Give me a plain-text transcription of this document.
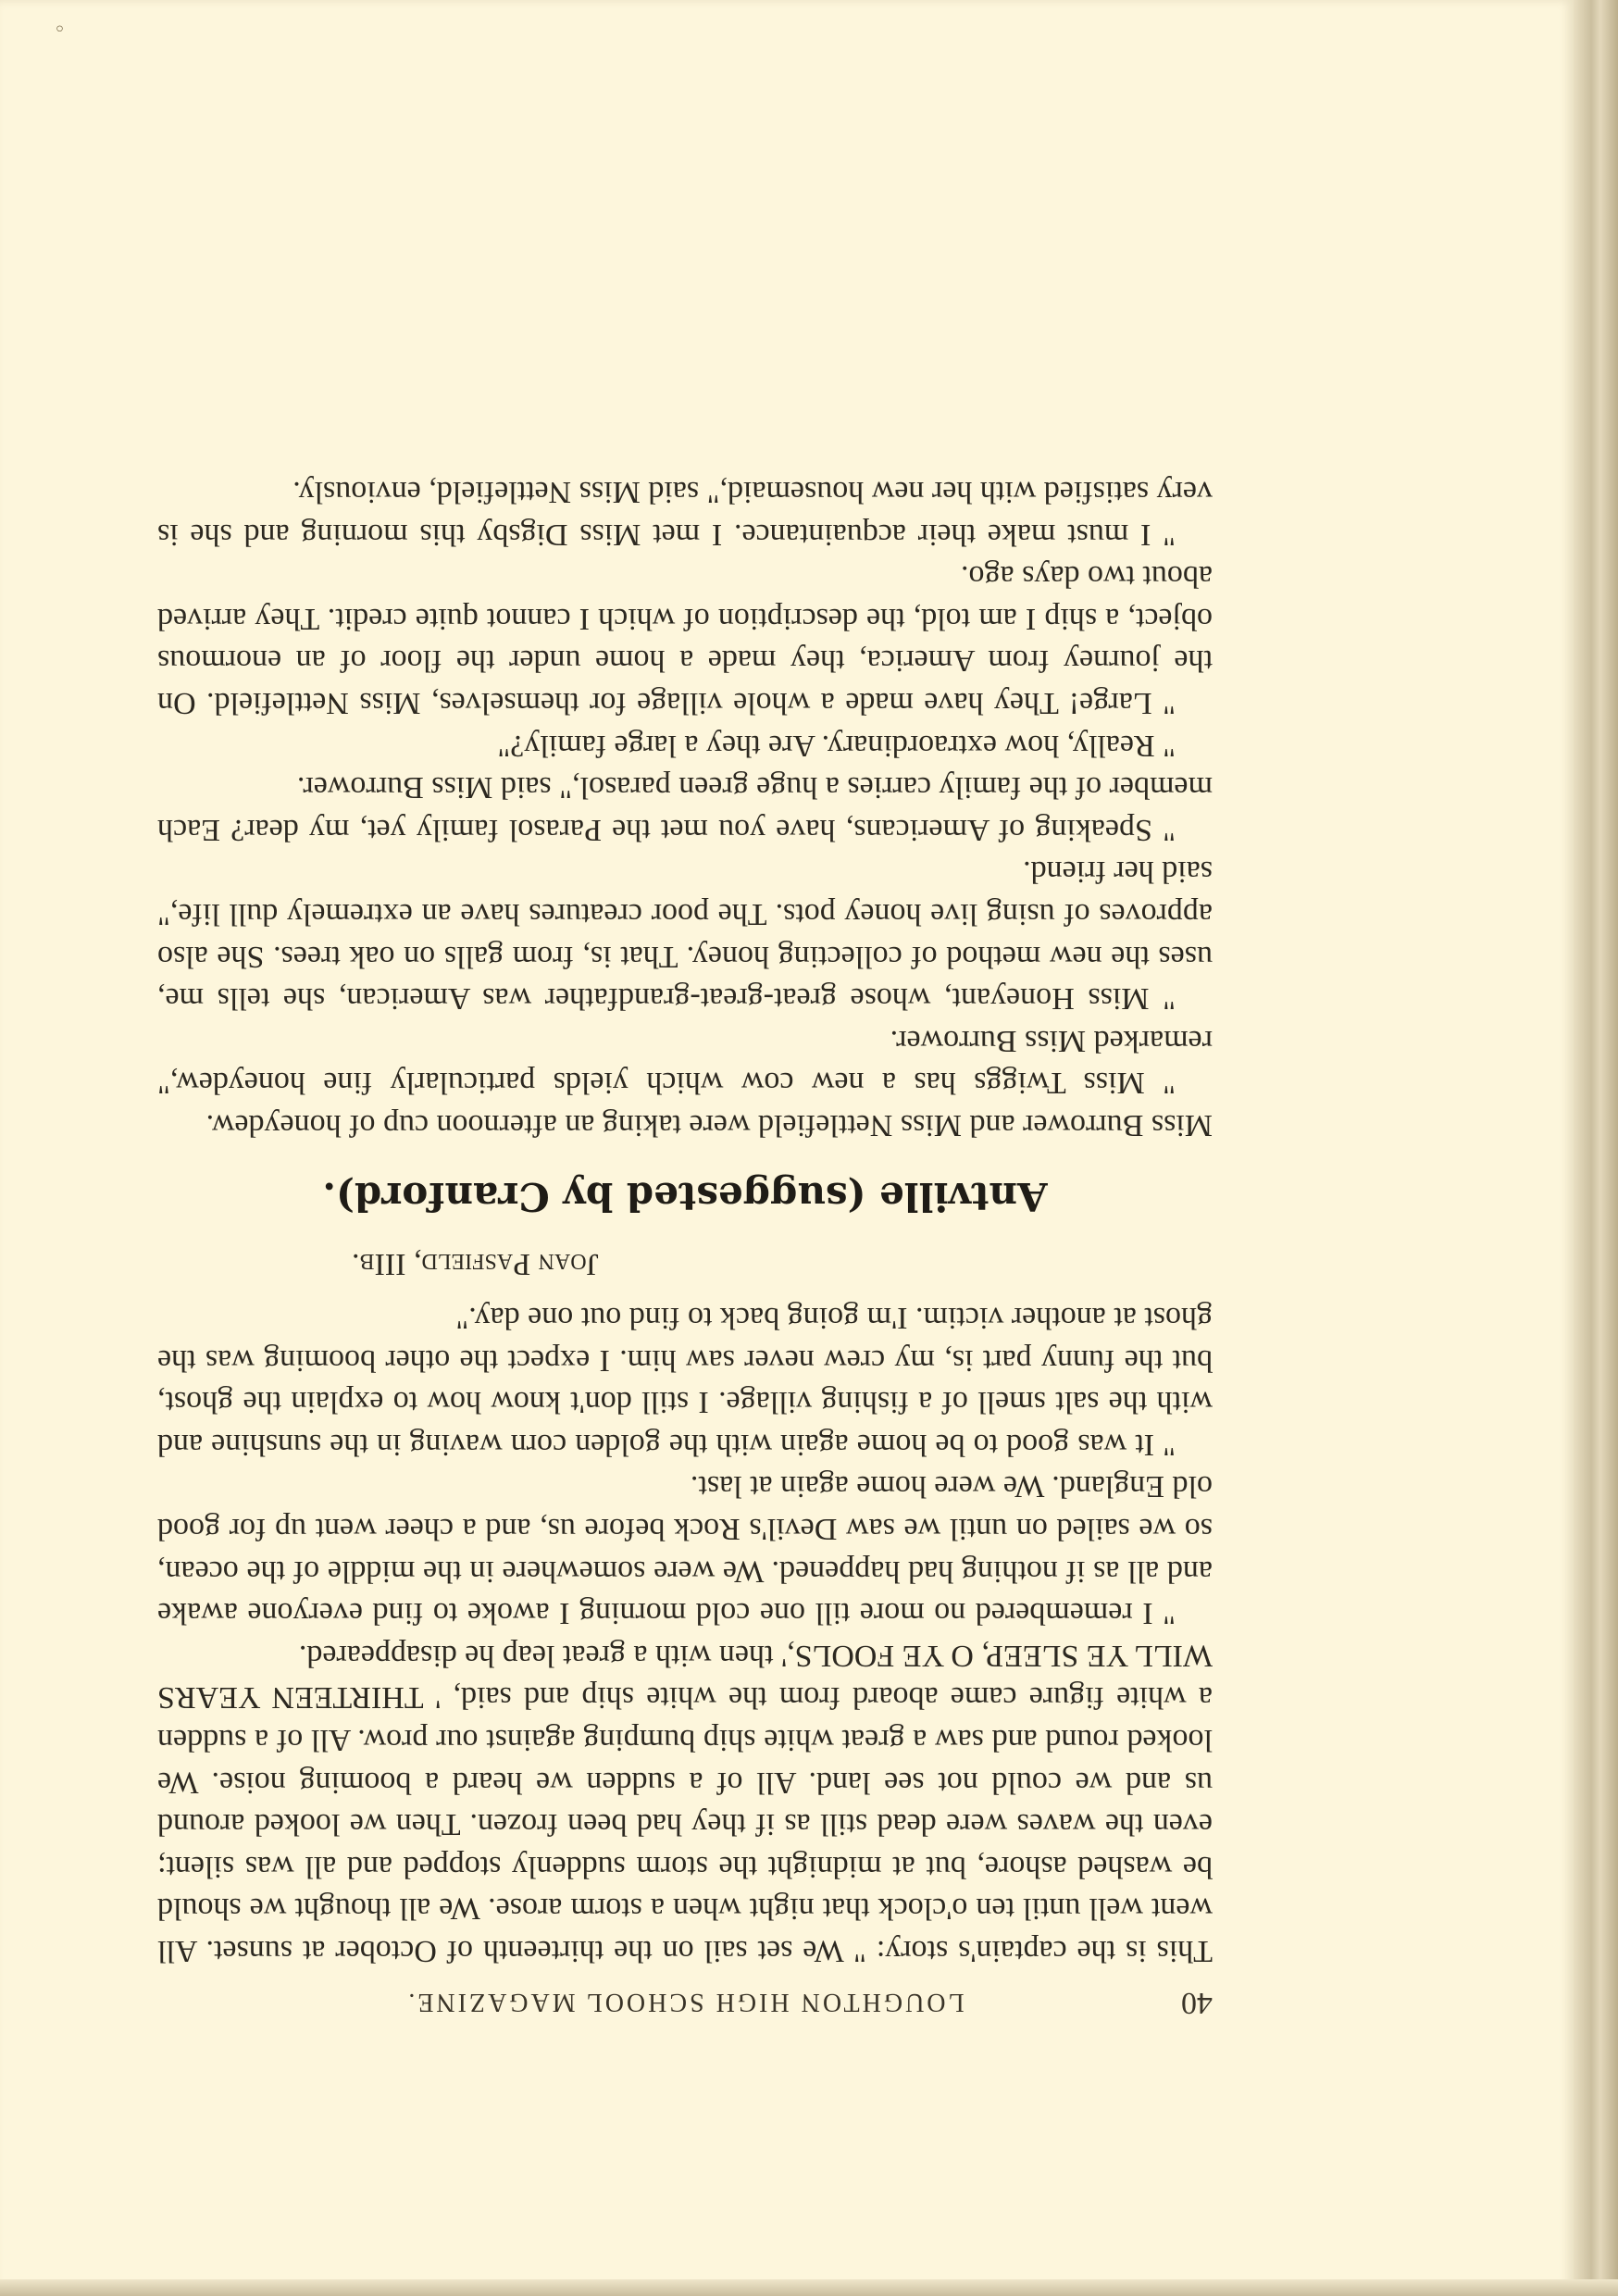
◦
40
LOUGHTON HIGH SCHOOL MAGAZINE.

This is the captain's story: " We set sail on the thirteenth of October at sunset. All went well until ten o'clock that night when a storm arose. We all thought we should be washed ashore, but at midnight the storm suddenly stopped and all was silent; even the waves were dead still as if they had been frozen. Then we looked around us and we could not see land. All of a sudden we heard a booming noise. We looked round and saw a great white ship bumping against our prow. All of a sudden a white figure came aboard from the white ship and said, ' THIRTEEN YEARS WILL YE SLEEP, O YE FOOLS,' then with a great leap he disappeared.

" I remembered no more till one cold morning I awoke to find everyone awake and all as if nothing had happened. We were somewhere in the middle of the ocean, so we sailed on until we saw Devil's Rock before us, and a cheer went up for good old England. We were home again at last.

" It was good to be home again with the golden corn waving in the sunshine and with the salt smell of a fishing village. I still don't know how to explain the ghost, but the funny part is, my crew never saw him. I expect the other booming was the ghost at another victim. I'm going back to find out one day."

Joan Pasfield, IIIb.
Antville (suggested by Cranford).

Miss Burrower and Miss Nettlefield were taking an afternoon cup of honeydew.

" Miss Twiggs has a new cow which yields particularly fine honeydew," remarked Miss Burrower.

" Miss Honeyant, whose great-great-grandfather was American, she tells me, uses the new method of collecting honey. That is, from galls on oak trees. She also approves of using live honey pots. The poor creatures have an extremely dull life," said her friend.

" Speaking of Americans, have you met the Parasol family yet, my dear? Each member of the family carries a huge green parasol," said Miss Burrower.

" Really, how extraordinary. Are they a large family?"

" Large! They have made a whole village for themselves, Miss Nettlefield. On the journey from America, they made a home under the floor of an enormous object, a ship I am told, the description of which I cannot quite credit. They arrived about two days ago.

" I must make their acquaintance. I met Miss Digsby this morning and she is very satisfied with her new housemaid," said Miss Nettlefield, enviously.
